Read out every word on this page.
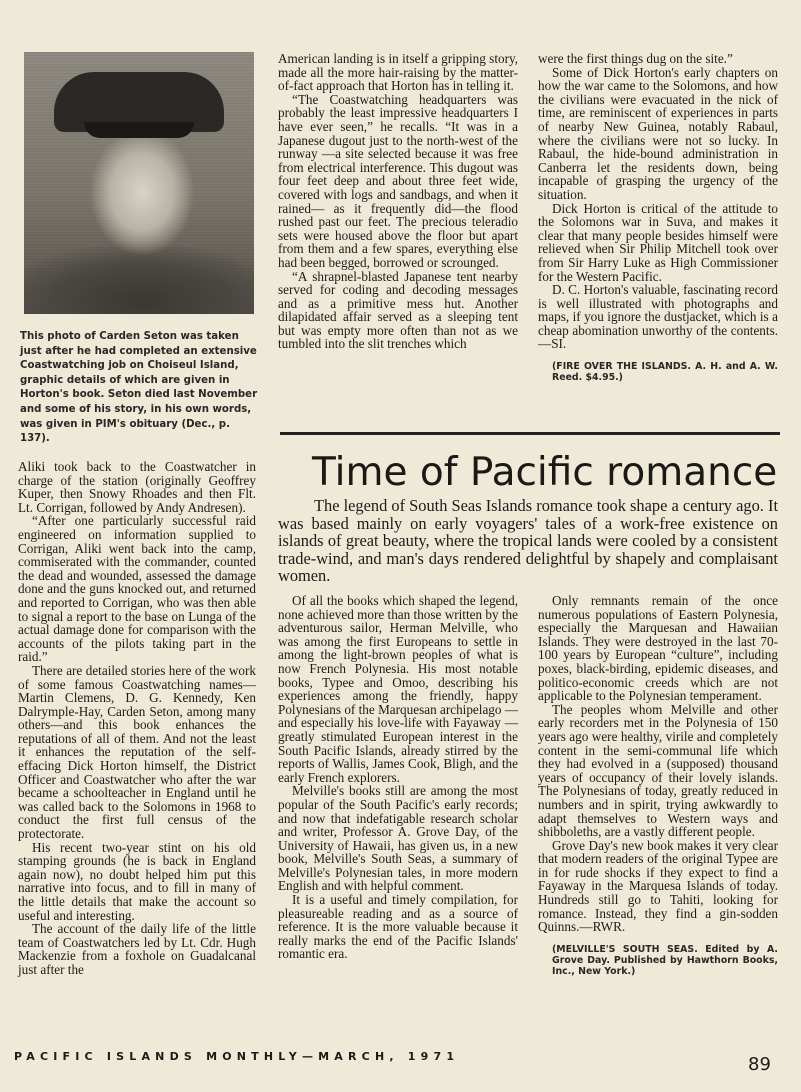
This photo of Carden Seton was taken just after he had completed an extensive Coastwatching job on Choiseul Island, graphic details of which are given in Horton's book. Seton died last November and some of his story, in his own words, was given in PIM's obituary (Dec., p. 137).

Aliki took back to the Coastwatcher in charge of the station (originally Geoffrey Kuper, then Snowy Rhoades and then Flt. Lt. Corrigan, followed by Andy Andresen).

“After one particularly successful raid engineered on information supplied to Corrigan, Aliki went back into the camp, commiserated with the commander, counted the dead and wounded, assessed the damage done and the guns knocked out, and returned and reported to Corrigan, who was then able to signal a report to the base on Lunga of the actual damage done for comparison with the accounts of the pilots taking part in the raid.”

There are detailed stories here of the work of some famous Coastwatching names—Martin Clemens, D. G. Kennedy, Ken Dalrymple-Hay, Carden Seton, among many others—and this book enhances the reputations of all of them. And not the least it enhances the reputation of the self-effacing Dick Horton himself, the District Officer and Coastwatcher who after the war became a schoolteacher in England until he was called back to the Solomons in 1968 to conduct the first full census of the protectorate.

His recent two-year stint on his old stamping grounds (he is back in England again now), no doubt helped him put this narrative into focus, and to fill in many of the little details that make the account so useful and interesting.

The account of the daily life of the little team of Coastwatchers led by Lt. Cdr. Hugh Mackenzie from a foxhole on Guadalcanal just after the

American landing is in itself a gripping story, made all the more hair-raising by the matter-of-fact approach that Horton has in telling it.

“The Coastwatching headquarters was probably the least impressive headquarters I have ever seen,” he recalls. “It was in a Japanese dugout just to the north-west of the runway —a site selected because it was free from electrical interference. This dugout was four feet deep and about three feet wide, covered with logs and sandbags, and when it rained— as it frequently did—the flood rushed past our feet. The precious teleradio sets were housed above the floor but apart from them and a few spares, everything else had been begged, borrowed or scrounged.

“A shrapnel-blasted Japanese tent nearby served for coding and decoding messages and as a primitive mess hut. Another dilapidated affair served as a sleeping tent but was empty more often than not as we tumbled into the slit trenches which

were the first things dug on the site.”

Some of Dick Horton's early chapters on how the war came to the Solomons, and how the civilians were evacuated in the nick of time, are reminiscent of experiences in parts of nearby New Guinea, notably Rabaul, where the civilians were not so lucky. In Rabaul, the hide-bound administration in Canberra let the residents down, being incapable of grasping the urgency of the situation.

Dick Horton is critical of the attitude to the Solomons war in Suva, and makes it clear that many people besides himself were relieved when Sir Philip Mitchell took over from Sir Harry Luke as High Commissioner for the Western Pacific.

D. C. Horton's valuable, fascinating record is well illustrated with photographs and maps, if you ignore the dustjacket, which is a cheap abomination unworthy of the contents.—SI.

(FIRE OVER THE ISLANDS. A. H. and A. W. Reed. $4.95.)
Time of Pacific romance

The legend of South Seas Islands romance took shape a century ago. It was based mainly on early voyagers' tales of a work-free existence on islands of great beauty, where the tropical lands were cooled by a consistent trade-wind, and man's days rendered delightful by shapely and complaisant women.

Of all the books which shaped the legend, none achieved more than those written by the adventurous sailor, Herman Melville, who was among the first Europeans to settle in among the light-brown peoples of what is now French Polynesia. His most notable books, Typee and Omoo, describing his experiences among the friendly, happy Polynesians of the Marquesan archipelago —and especially his love-life with Fayaway — greatly stimulated European interest in the South Pacific Islands, already stirred by the reports of Wallis, James Cook, Bligh, and the early French explorers.

Melville's books still are among the most popular of the South Pacific's early records; and now that indefatigable research scholar and writer, Professor A. Grove Day, of the University of Hawaii, has given us, in a new book, Melville's South Seas, a summary of Melville's Polynesian tales, in more modern English and with helpful comment.

It is a useful and timely compilation, for pleasureable reading and as a source of reference. It is the more valuable because it really marks the end of the Pacific Islands' romantic era.

Only remnants remain of the once numerous populations of Eastern Polynesia, especially the Marquesan and Hawaiian Islands. They were destroyed in the last 70-100 years by European “culture”, including poxes, black-birding, epidemic diseases, and politico-economic creeds which are not applicable to the Polynesian temperament.

The peoples whom Melville and other early recorders met in the Polynesia of 150 years ago were healthy, virile and completely content in the semi-communal life which they had evolved in a (supposed) thousand years of occupancy of their lovely islands. The Polynesians of today, greatly reduced in numbers and in spirit, trying awkwardly to adapt themselves to Western ways and shibboleths, are a vastly different people.

Grove Day's new book makes it very clear that modern readers of the original Typee are in for rude shocks if they expect to find a Fayaway in the Marquesa Islands of today. Hundreds still go to Tahiti, looking for romance. Instead, they find a gin-sodden Quinns.—RWR.

(MELVILLE'S SOUTH SEAS. Edited by A. Grove Day. Published by Hawthorn Books, Inc., New York.)
PACIFIC ISLANDS MONTHLY—MARCH, 1971	89
